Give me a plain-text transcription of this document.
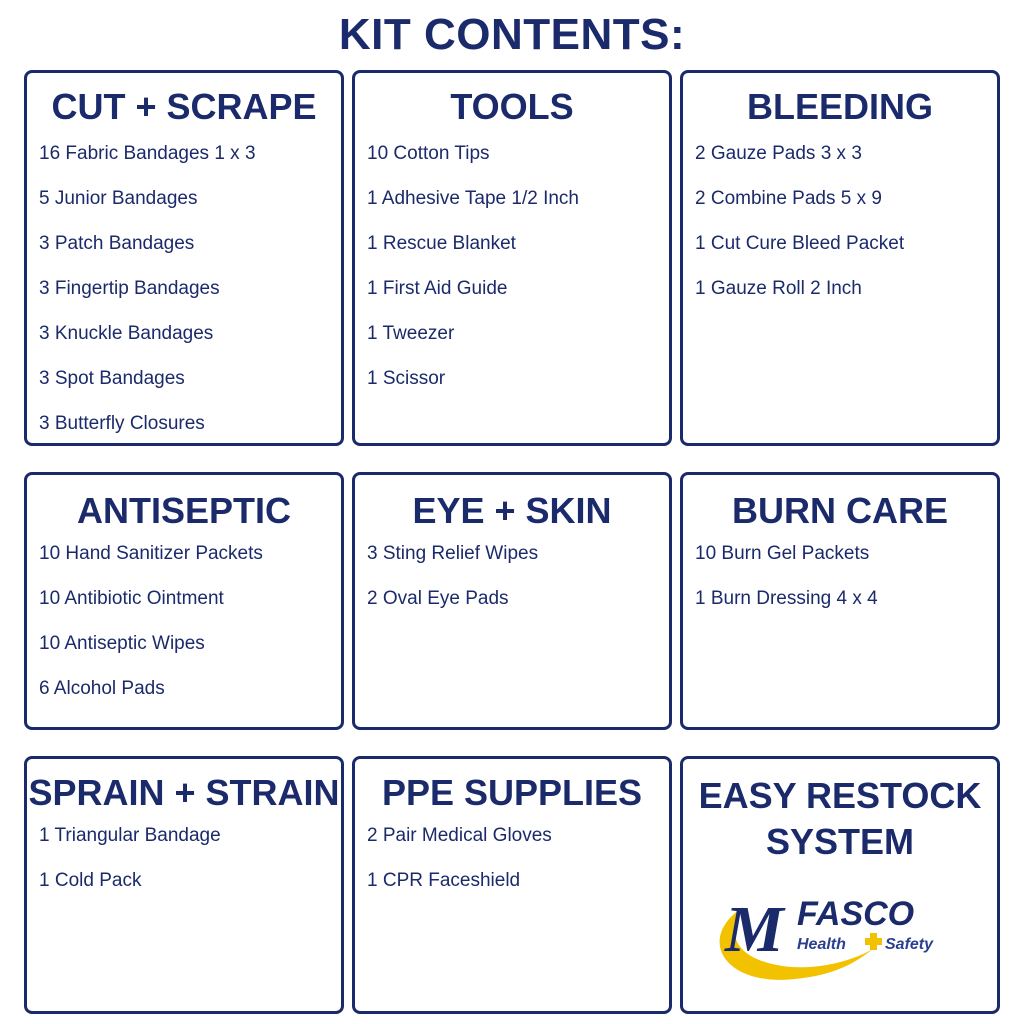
KIT CONTENTS:
CUT + SCRAPE
16 Fabric Bandages 1 x 3
5 Junior Bandages
3 Patch Bandages
3 Fingertip Bandages
3 Knuckle Bandages
3 Spot Bandages
3 Butterfly Closures
TOOLS
10 Cotton Tips
1 Adhesive Tape 1/2 Inch
1 Rescue Blanket
1 First Aid Guide
1 Tweezer
1 Scissor
BLEEDING
2 Gauze Pads 3 x 3
2 Combine Pads 5 x 9
1 Cut Cure Bleed Packet
1 Gauze Roll 2 Inch
ANTISEPTIC
10 Hand Sanitizer Packets
10 Antibiotic Ointment
10 Antiseptic Wipes
6 Alcohol Pads
EYE + SKIN
3 Sting Relief Wipes
2 Oval Eye Pads
BURN CARE
10 Burn Gel Packets
1 Burn Dressing 4 x 4
SPRAIN + STRAIN
1 Triangular Bandage
1 Cold Pack
PPE SUPPLIES
2 Pair Medical Gloves
1 CPR Faceshield
EASY RESTOCK SYSTEM
M FASCO
Health Safety
